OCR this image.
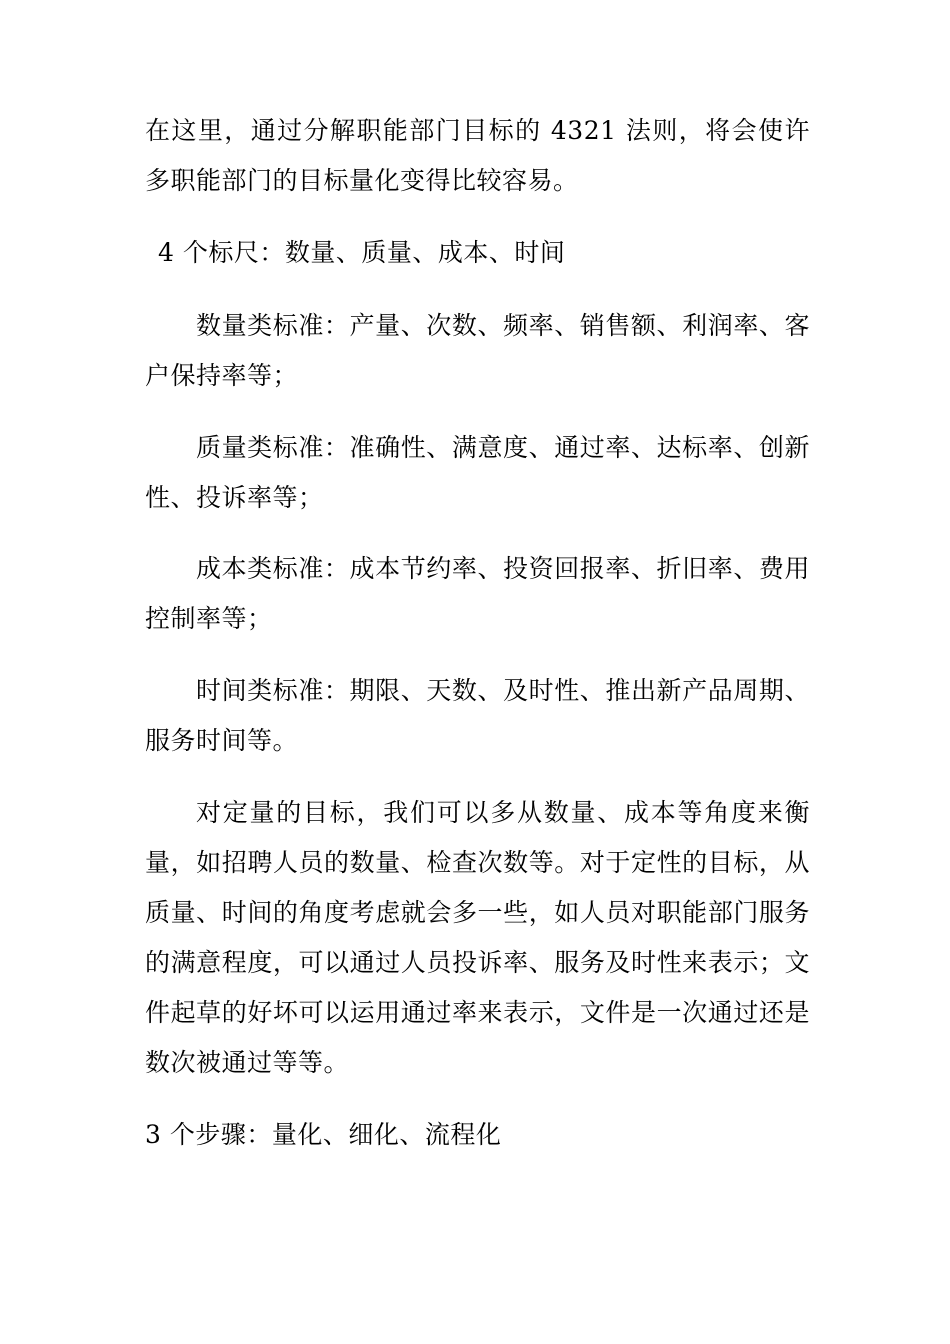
在这里，通过分解职能部门目标的 4321 法则，将会使许多职能部门的目标量化变得比较容易。

4 个标尺：数量、质量、成本、时间

数量类标准：产量、次数、频率、销售额、利润率、客户保持率等；

质量类标准：准确性、满意度、通过率、达标率、创新性、投诉率等；

成本类标准：成本节约率、投资回报率、折旧率、费用控制率等；

时间类标准：期限、天数、及时性、推出新产品周期、服务时间等。

对定量的目标，我们可以多从数量、成本等角度来衡量，如招聘人员的数量、检查次数等。对于定性的目标，从质量、时间的角度考虑就会多一些，如人员对职能部门服务的满意程度，可以通过人员投诉率、服务及时性来表示；文件起草的好坏可以运用通过率来表示，文件是一次通过还是数次被通过等等。

3 个步骤：量化、细化、流程化
